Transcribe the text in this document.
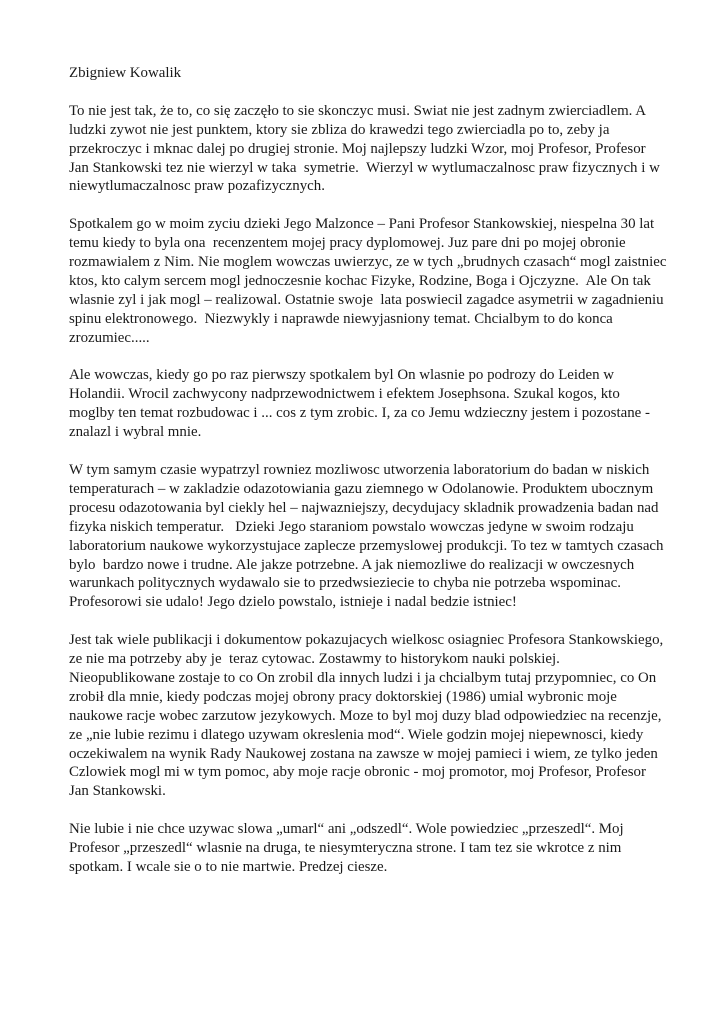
Zbigniew Kowalik
To nie jest tak, że to, co się zaczęło to sie skonczyc musi. Swiat nie jest zadnym zwierciadlem. A
ludzki zywot nie jest punktem, ktory sie zbliza do krawedzi tego zwierciadla po to, zeby ja
przekroczyc i mknac dalej po drugiej stronie. Moj najlepszy ludzki Wzor, moj Profesor, Profesor
Jan Stankowski tez nie wierzyl w taka  symetrie.  Wierzyl w wytlumaczalnosc praw fizycznych i w
niewytlumaczalnosc praw pozafizycznych.
Spotkalem go w moim zyciu dzieki Jego Malzonce – Pani Profesor Stankowskiej, niespelna 30 lat
temu kiedy to byla ona  recenzentem mojej pracy dyplomowej. Juz pare dni po mojej obronie
rozmawialem z Nim. Nie moglem wowczas uwierzyc, ze w tych „brudnych czasach“ mogl zaistniec
ktos, kto calym sercem mogl jednoczesnie kochac Fizyke, Rodzine, Boga i Ojczyzne.  Ale On tak
wlasnie zyl i jak mogl – realizowal. Ostatnie swoje  lata poswiecil zagadce asymetrii w zagadnieniu
spinu elektronowego.  Niezwykly i naprawde niewyjasniony temat. Chcialbym to do konca
zrozumiec.....
Ale wowczas, kiedy go po raz pierwszy spotkalem byl On wlasnie po podrozy do Leiden w
Holandii. Wrocil zachwycony nadprzewodnictwem i efektem Josephsona. Szukal kogos, kto
moglby ten temat rozbudowac i ... cos z tym zrobic. I, za co Jemu wdzieczny jestem i pozostane -
znalazl i wybral mnie.
W tym samym czasie wypatrzyl rowniez mozliwosc utworzenia laboratorium do badan w niskich
temperaturach – w zakladzie odazotowiania gazu ziemnego w Odolanowie. Produktem ubocznym
procesu odazotowania byl ciekly hel – najwazniejszy, decydujacy skladnik prowadzenia badan nad
fizyka niskich temperatur.   Dzieki Jego staraniom powstalo wowczas jedyne w swoim rodzaju
laboratorium naukowe wykorzystujace zaplecze przemyslowej produkcji. To tez w tamtych czasach
bylo  bardzo nowe i trudne. Ale jakze potrzebne. A jak niemozliwe do realizacji w owczesnych
warunkach politycznych wydawalo sie to przedwsiezieciе to chyba nie potrzeba wspominac.
Profesorowi sie udalo! Jego dzielo powstalo, istnieje i nadal bedzie istniec!
Jest tak wiele publikacji i dokumentow pokazujacych wielkosc osiagniec Profesora Stankowskiego,
ze nie ma potrzeby aby je  teraz cytowac. Zostawmy to historykom nauki polskiej.
Nieopublikowane zostaje to co On zrobil dla innych ludzi i ja chcialbym tutaj przypomniec, co On
zrobił dla mnie, kiedy podczas mojej obrony pracy doktorskiej (1986) umial wybronic moje
naukowe racje wobec zarzutow jezykowych. Moze to byl moj duzy blad odpowiedziec na recenzje,
ze „nie lubie rezimu i dlatego uzywam okreslenia mod“. Wiele godzin mojej niepewnosci, kiedy
oczekiwalem na wynik Rady Naukowej zostana na zawsze w mojej pamieci i wiem, ze tylko jeden
Czlowiek mogl mi w tym pomoc, aby moje racje obronic - moj promotor, moj Profesor, Profesor
Jan Stankowski.
Nie lubie i nie chce uzywac slowa „umarl“ ani „odszedl“. Wole powiedziec „przeszedl“. Moj
Profesor „przeszedl“ wlasnie na druga, te niesymteryczna strone. I tam tez sie wkrotce z nim
spotkam. I wcale sie o to nie martwie. Predzej ciesze.
